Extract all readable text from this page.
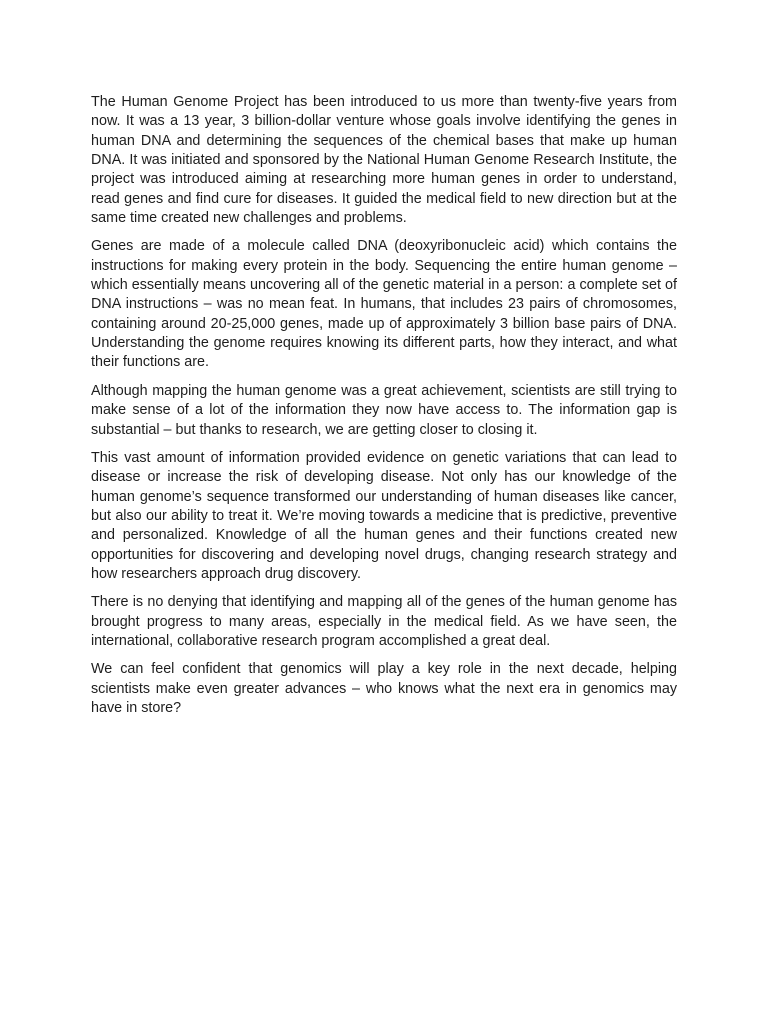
The Human Genome Project has been introduced to us more than twenty-five years from now. It was a 13 year, 3 billion-dollar venture whose goals involve identifying the genes in human DNA and determining the sequences of the chemical bases that make up human DNA. It was initiated and sponsored by the National Human Genome Research Institute, the project was introduced aiming at researching more human genes in order to understand, read genes and find cure for diseases. It guided the medical field to new direction but at the same time created new challenges and problems.

Genes are made of a molecule called DNA (deoxyribonucleic acid) which contains the instructions for making every protein in the body. Sequencing the entire human genome – which essentially means uncovering all of the genetic material in a person: a complete set of DNA instructions – was no mean feat. In humans, that includes 23 pairs of chromosomes, containing around 20-25,000 genes, made up of approximately 3 billion base pairs of DNA. Understanding the genome requires knowing its different parts, how they interact, and what their functions are.

Although mapping the human genome was a great achievement, scientists are still trying to make sense of a lot of the information they now have access to. The information gap is substantial – but thanks to research, we are getting closer to closing it.

This vast amount of information provided evidence on genetic variations that can lead to disease or increase the risk of developing disease. Not only has our knowledge of the human genome’s sequence transformed our understanding of human diseases like cancer, but also our ability to treat it. We’re moving towards a medicine that is predictive, preventive and personalized. Knowledge of all the human genes and their functions created new opportunities for discovering and developing novel drugs, changing research strategy and how researchers approach drug discovery.

There is no denying that identifying and mapping all of the genes of the human genome has brought progress to many areas, especially in the medical field. As we have seen, the international, collaborative research program accomplished a great deal.

We can feel confident that genomics will play a key role in the next decade, helping scientists make even greater advances – who knows what the next era in genomics may have in store?
